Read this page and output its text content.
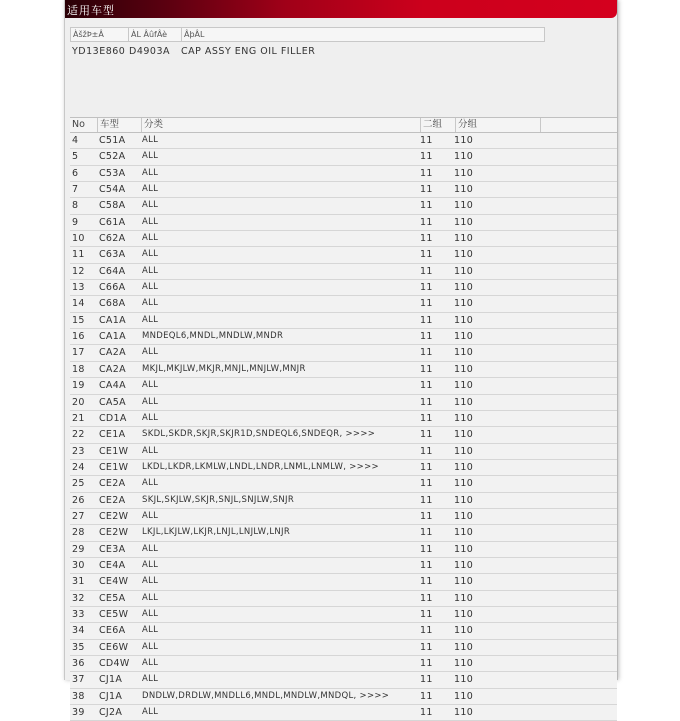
适用车型
ÀšžÞ±Â	ÀL ÂûfÂè	ÂþÂL
YD13E860 D4903A	CAP ASSY ENG OIL FILLER
No	车型	分类	二组	分组
4	C51A	ALL	11	110
5	C52A	ALL	11	110
6	C53A	ALL	11	110
7	C54A	ALL	11	110
8	C58A	ALL	11	110
9	C61A	ALL	11	110
10	C62A	ALL	11	110
11	C63A	ALL	11	110
12	C64A	ALL	11	110
13	C66A	ALL	11	110
14	C68A	ALL	11	110
15	CA1A	ALL	11	110
16	CA1A	MNDEQL6,MNDL,MNDLW,MNDR	11	110
17	CA2A	ALL	11	110
18	CA2A	MKJL,MKJLW,MKJR,MNJL,MNJLW,MNJR	11	110
19	CA4A	ALL	11	110
20	CA5A	ALL	11	110
21	CD1A	ALL	11	110
22	CE1A	SKDL,SKDR,SKJR,SKJR1D,SNDEQL6,SNDEQR, >>>>	11	110
23	CE1W	ALL	11	110
24	CE1W	LKDL,LKDR,LKMLW,LNDL,LNDR,LNML,LNMLW, >>>>	11	110
25	CE2A	ALL	11	110
26	CE2A	SKJL,SKJLW,SKJR,SNJL,SNJLW,SNJR	11	110
27	CE2W	ALL	11	110
28	CE2W	LKJL,LKJLW,LKJR,LNJL,LNJLW,LNJR	11	110
29	CE3A	ALL	11	110
30	CE4A	ALL	11	110
31	CE4W	ALL	11	110
32	CE5A	ALL	11	110
33	CE5W	ALL	11	110
34	CE6A	ALL	11	110
35	CE6W	ALL	11	110
36	CD4W	ALL	11	110
37	CJ1A	ALL	11	110
38	CJ1A	DNDLW,DRDLW,MNDLL6,MNDL,MNDLW,MNDQL, >>>>	11	110
39	CJ2A	ALL	11	110
